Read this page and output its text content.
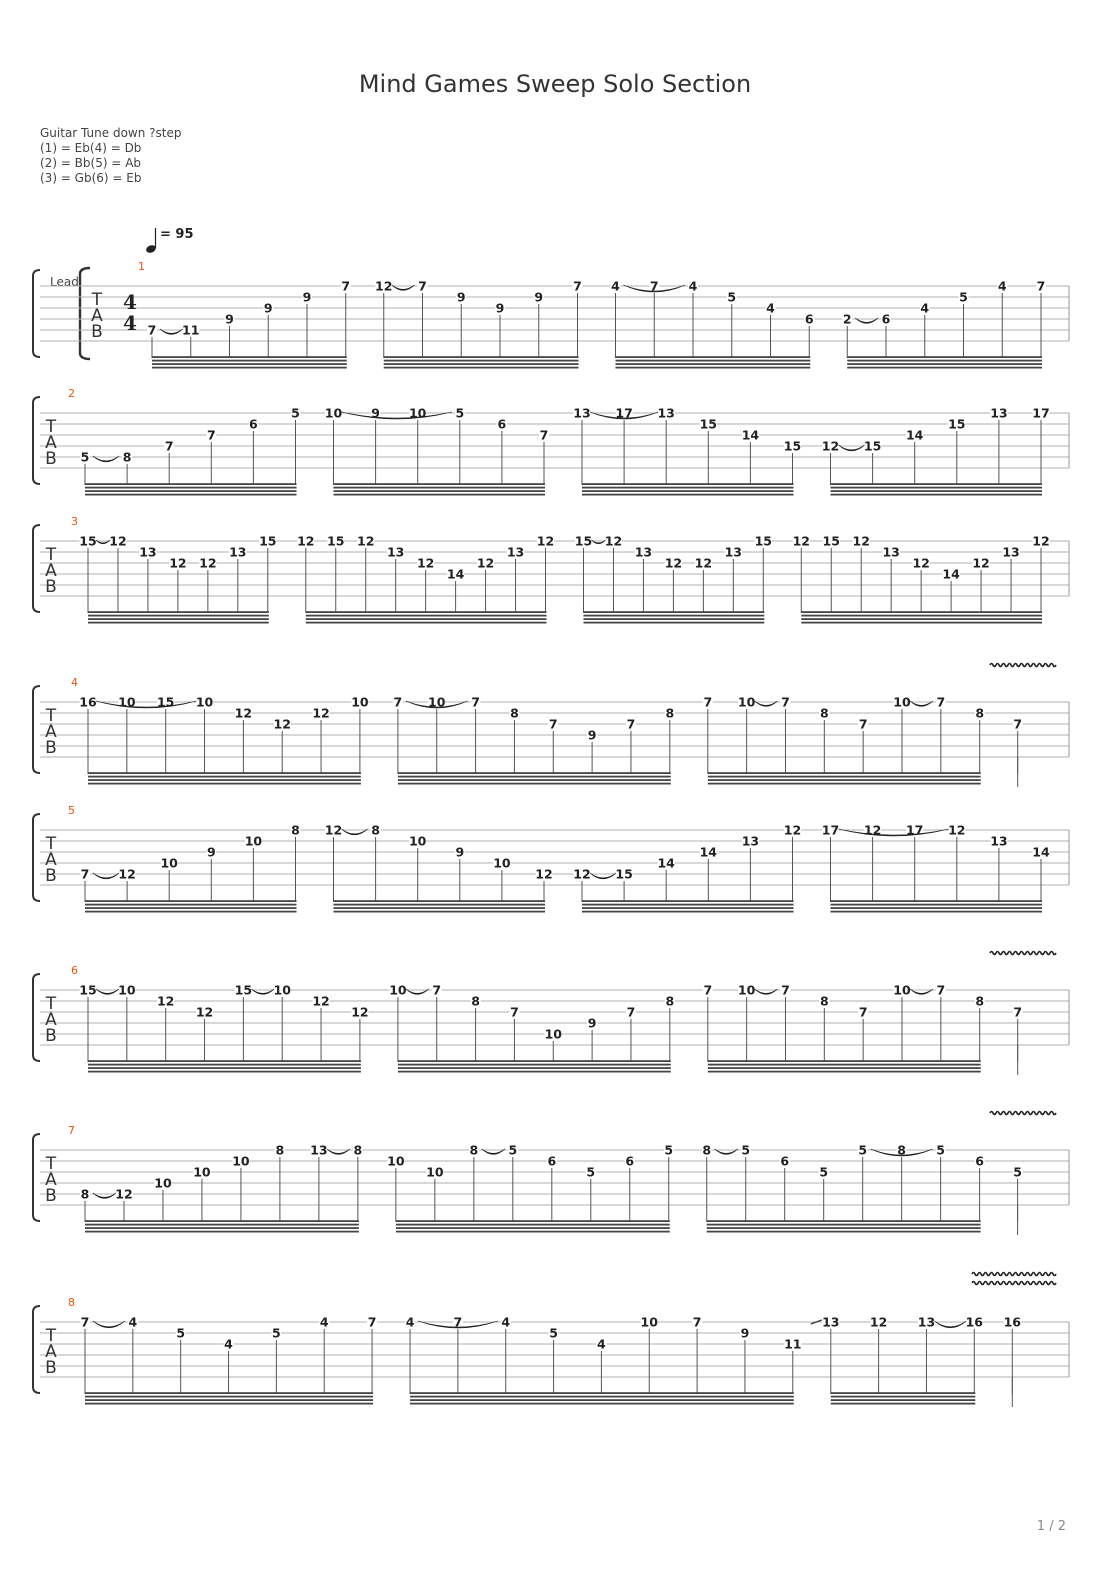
Mind Games Sweep Solo Section
Guitar Tune down ?step
(1) = Eb(4) = Db
(2) = Bb(5) = Ab
(3) = Gb(6) = Eb
= 95
Lead
T
A
B
4
4
1
7 11
9
9
9
7 12 7
9
9
9
7 4 7 4
5
4
6 2 6
4
5
4 7
T
A
B
2
5	8
7
7
6
5 10 9 10 5
6
7
13 17 13
15
14
15 12 15
14
15
13 17
T
A
B
3
15 12
13
12 12
13
15 12 15 12
13
12
14
12
13
12 15 12
13
12 12
13
15 12 15 12
13
12
14
12
13
12
T
A
B
4
16 10 15 10
12
12
12
10 7 10 7
8
7
9
7
8
7 10 7
8
7
10 7
8
7
T
A
B
5
7 12
10
9
10
8 12 8
10
9
10
12 12 15
14
14
13
12 17 12 17 12
13
14
T
A
B
6
15 10
12
12
15 10
12
12
10 7
8
7
10
9
7
8
7 10 7
8
7
10 7
8
7
T
A
B
7
8 12
10
10
10
8 13 8
10
10
8 5
6
5
6
5 8 5
6
5
5 8 5
6
5
T
A
B
8
7	4
5
4
5
4	7 4	7	4
5
4
10	7
9
11
13 12 13 16 16
1 / 2
